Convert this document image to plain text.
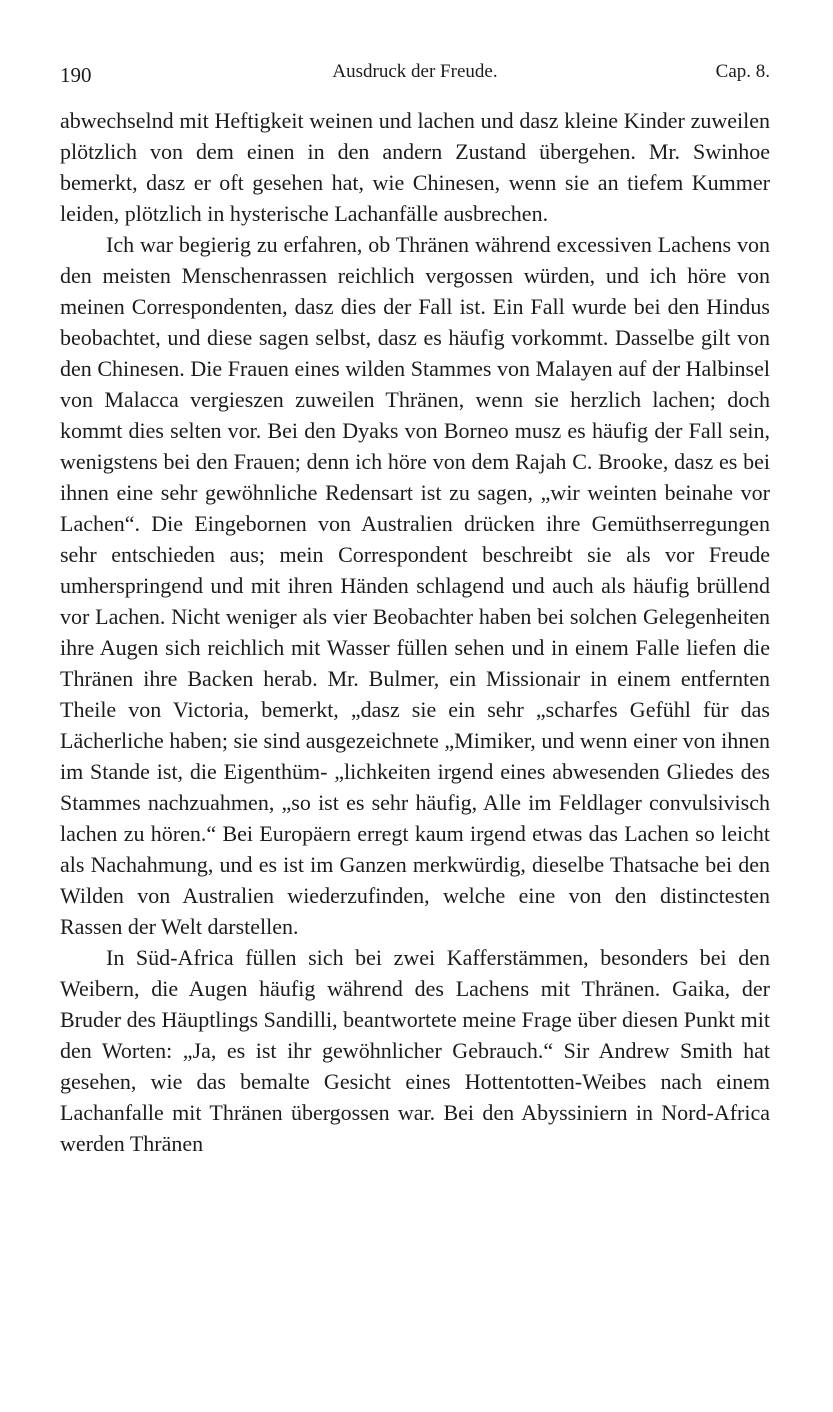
190	Ausdruck der Freude.	Cap. 8.

abwechselnd mit Heftigkeit weinen und lachen und dasz kleine Kinder zuweilen plötzlich von dem einen in den andern Zustand übergehen. Mr. Swinhoe bemerkt, dasz er oft gesehen hat, wie Chinesen, wenn sie an tiefem Kummer leiden, plötzlich in hysterische Lachanfälle ausbrechen.

Ich war begierig zu erfahren, ob Thränen während excessiven Lachens von den meisten Menschenrassen reichlich vergossen würden, und ich höre von meinen Correspondenten, dasz dies der Fall ist. Ein Fall wurde bei den Hindus beobachtet, und diese sagen selbst, dasz es häufig vorkommt. Dasselbe gilt von den Chinesen. Die Frauen eines wilden Stammes von Malayen auf der Halbinsel von Malacca vergieszen zuweilen Thränen, wenn sie herzlich lachen; doch kommt dies selten vor. Bei den Dyaks von Borneo musz es häufig der Fall sein, wenigstens bei den Frauen; denn ich höre von dem Rajah C. Brooke, dasz es bei ihnen eine sehr gewöhnliche Redensart ist zu sagen, „wir weinten beinahe vor Lachen“. Die Eingebornen von Australien drücken ihre Gemüthserregungen sehr entschieden aus; mein Correspondent beschreibt sie als vor Freude umherspringend und mit ihren Händen schlagend und auch als häufig brüllend vor Lachen. Nicht weniger als vier Beobachter haben bei solchen Gelegenheiten ihre Augen sich reichlich mit Wasser füllen sehen und in einem Falle liefen die Thränen ihre Backen herab. Mr. Bulmer, ein Missionair in einem entfernten Theile von Victoria, bemerkt, „dasz sie ein sehr „scharfes Gefühl für das Lächerliche haben; sie sind ausgezeichnete „Mimiker, und wenn einer von ihnen im Stande ist, die Eigenthüm- „lichkeiten irgend eines abwesenden Gliedes des Stammes nachzuahmen, „so ist es sehr häufig, Alle im Feldlager convulsivisch lachen zu hören.“ Bei Europäern erregt kaum irgend etwas das Lachen so leicht als Nachahmung, und es ist im Ganzen merkwürdig, dieselbe Thatsache bei den Wilden von Australien wiederzufinden, welche eine von den distinctesten Rassen der Welt darstellen.

In Süd-Africa füllen sich bei zwei Kafferstämmen, besonders bei den Weibern, die Augen häufig während des Lachens mit Thränen. Gaika, der Bruder des Häuptlings Sandilli, beantwortete meine Frage über diesen Punkt mit den Worten: „Ja, es ist ihr gewöhnlicher Gebrauch.“ Sir Andrew Smith hat gesehen, wie das bemalte Gesicht eines Hottentotten-Weibes nach einem Lachanfalle mit Thränen übergossen war. Bei den Abyssiniern in Nord-Africa werden Thränen
